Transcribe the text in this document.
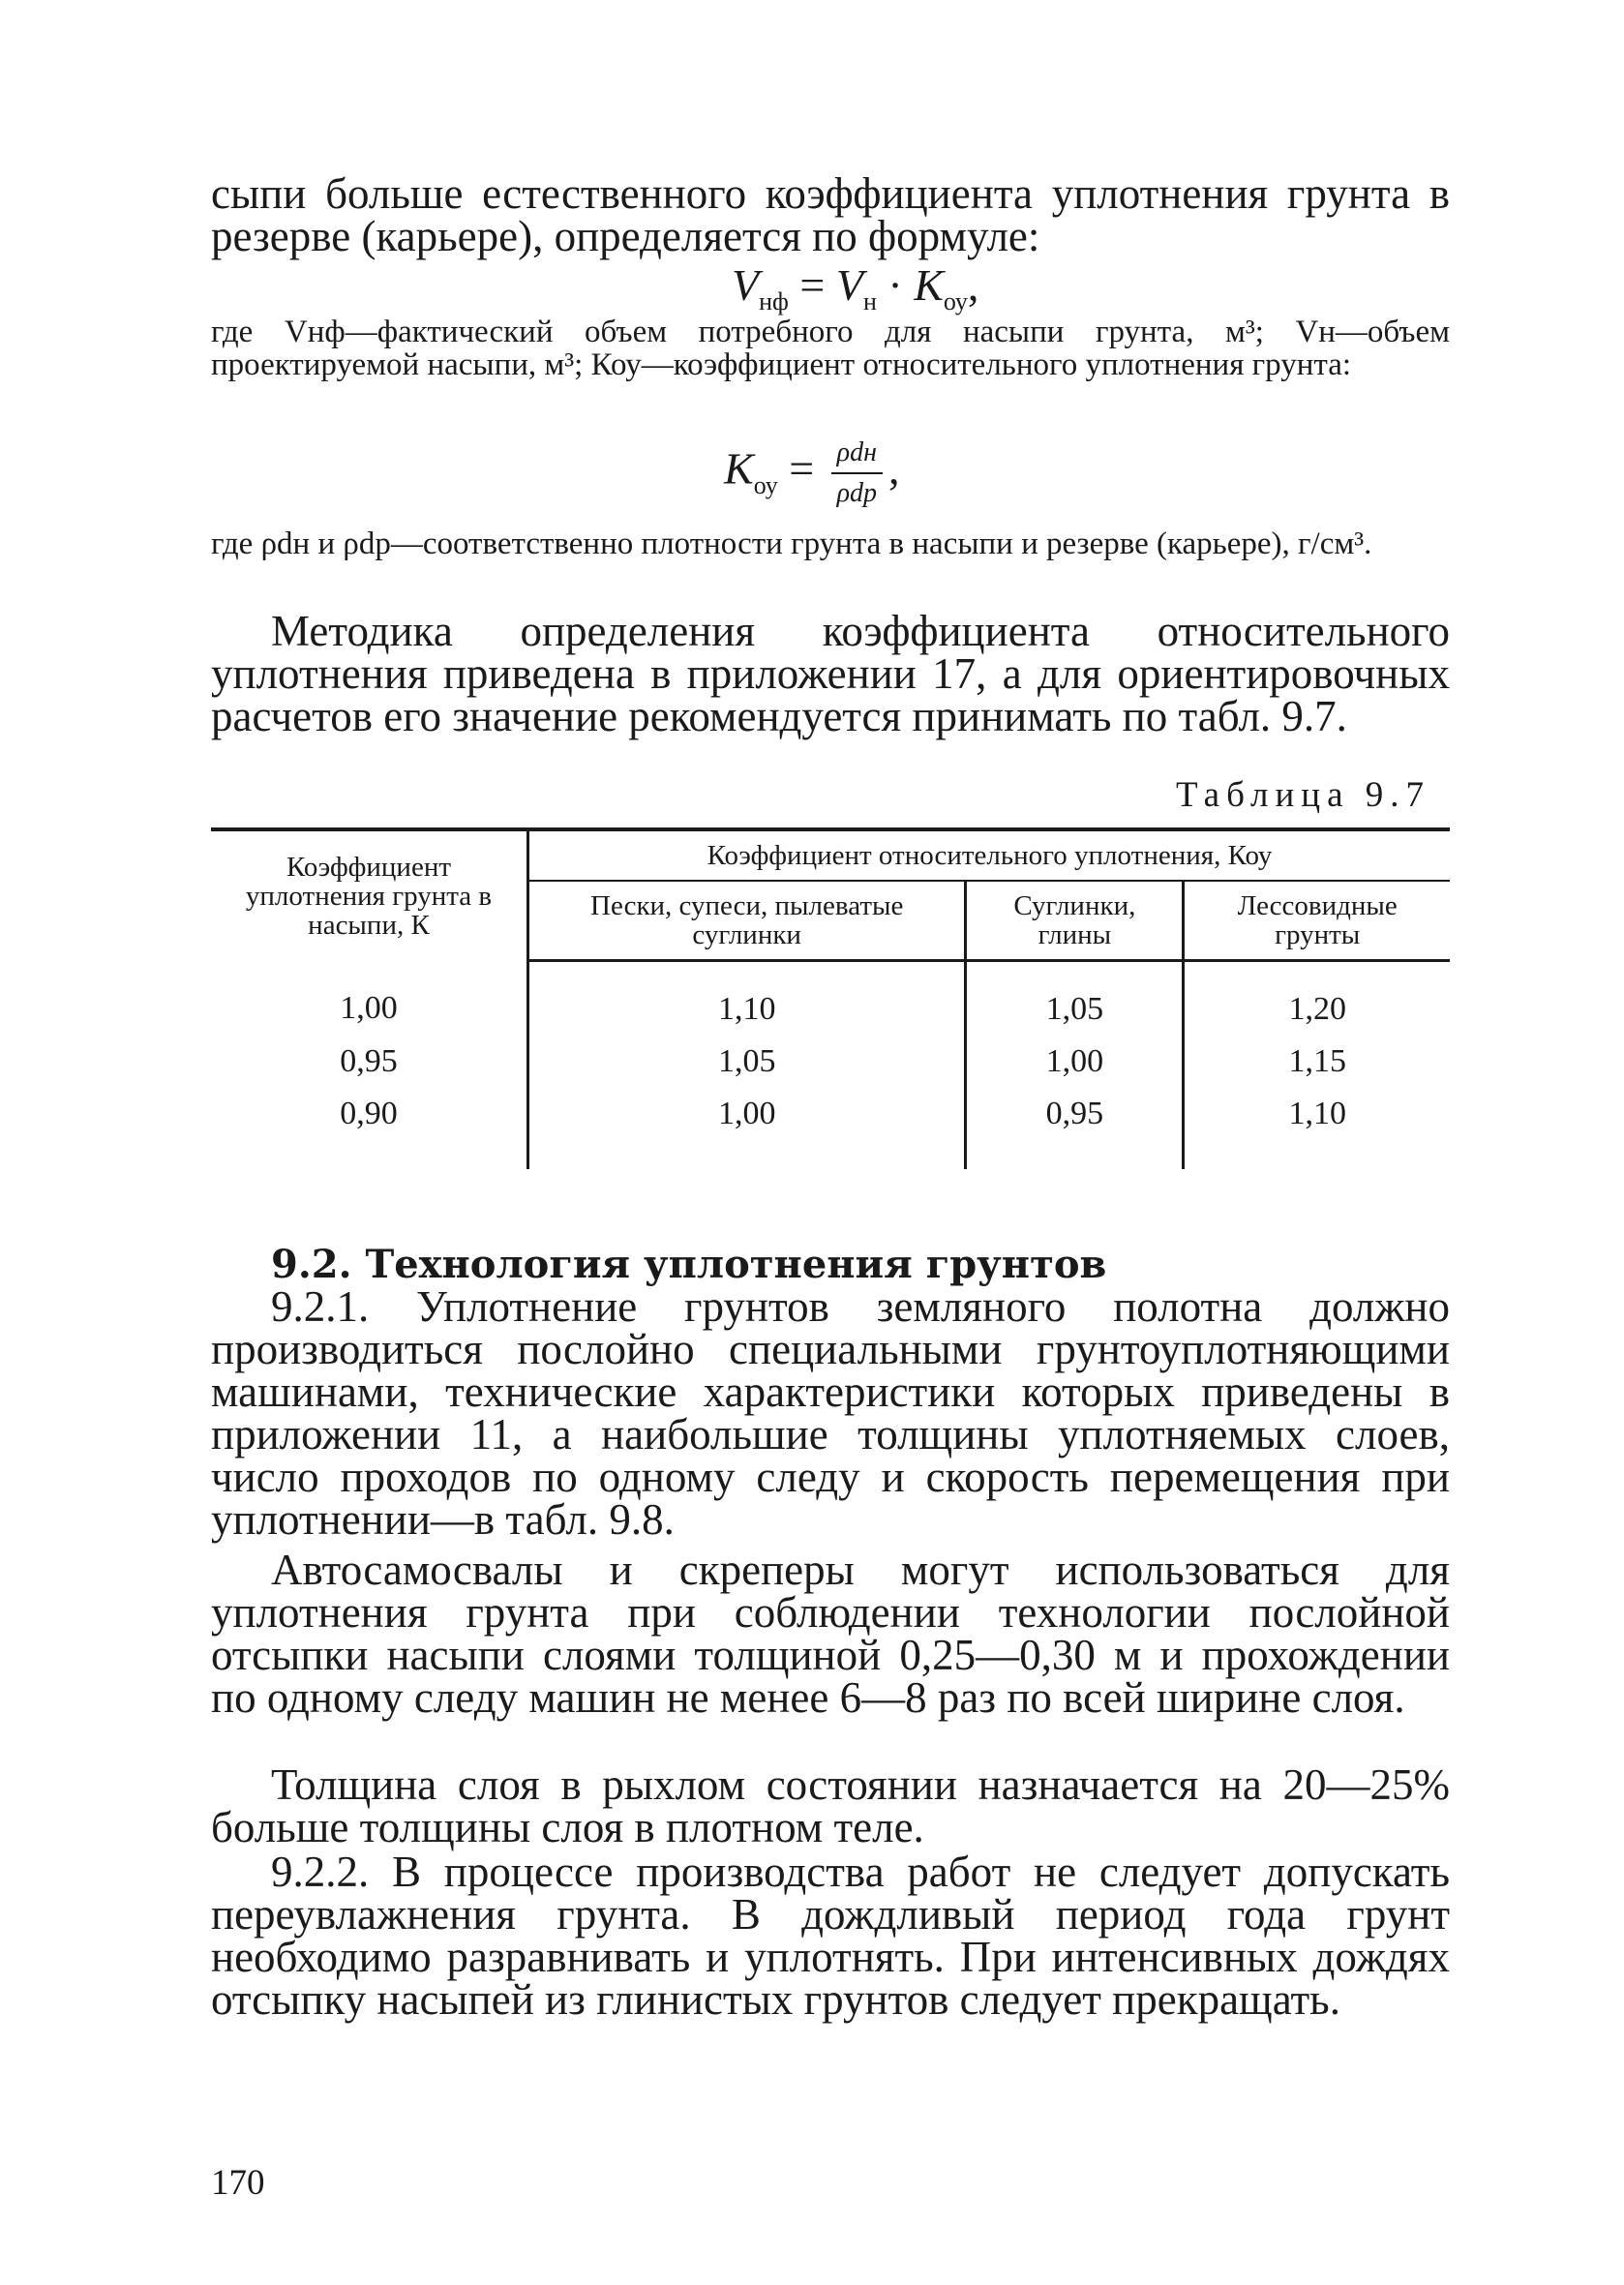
сыпи больше естественного коэффициента уплотнения грунта в резерве (карьере), определяется по формуле:
$V_{нф} = V_н \cdot K_{оу}$,
где Vнф—фактический объем потребного для насыпи грунта, м³; Vн—объем проектируемой насыпи, м³; Коу—коэффициент относительного уплотнения грунта:
$K_{оу} = \frac{\text{ρdн}}{\text{ρdр}}$ ,
где ρdн и ρdр—соответственно плотности грунта в насыпи и резерве (карьере), г/см³.
Методика определения коэффициента относительного уплотнения приведена в приложении 17, а для ориентировочных расчетов его значение рекомендуется принимать по табл. 9.7.
Таблица 9.7
Коэффициент уплотнения грунта в насыпи, К	Коэффициент относительного уплотнения, Коу		
	Пески, супеси, пылеватые суглинки	Суглинки, глины	Лессовидные грунты
1,00	1,10	1,05	1,20
0,95	1,05	1,00	1,15
0,90	1,00	0,95	1,10
9.2. Технология уплотнения грунтов
9.2.1. Уплотнение грунтов земляного полотна должно производиться послойно специальными грунтоуплотняющими машинами, технические характеристики которых приведены в приложении 11, а наибольшие толщины уплотняемых слоев, число проходов по одному следу и скорость перемещения при уплотнении—в табл. 9.8.
Автосамосвалы и скреперы могут использоваться для уплотнения грунта при соблюдении технологии послойной отсыпки насыпи слоями толщиной 0,25—0,30 м и прохождении по одному следу машин не менее 6—8 раз по всей ширине слоя.
Толщина слоя в рыхлом состоянии назначается на 20—25% больше толщины слоя в плотном теле.
9.2.2. В процессе производства работ не следует допускать переувлажнения грунта. В дождливый период года грунт необходимо разравнивать и уплотнять. При интенсивных дождях отсыпку насыпей из глинистых грунтов следует прекращать.
170
